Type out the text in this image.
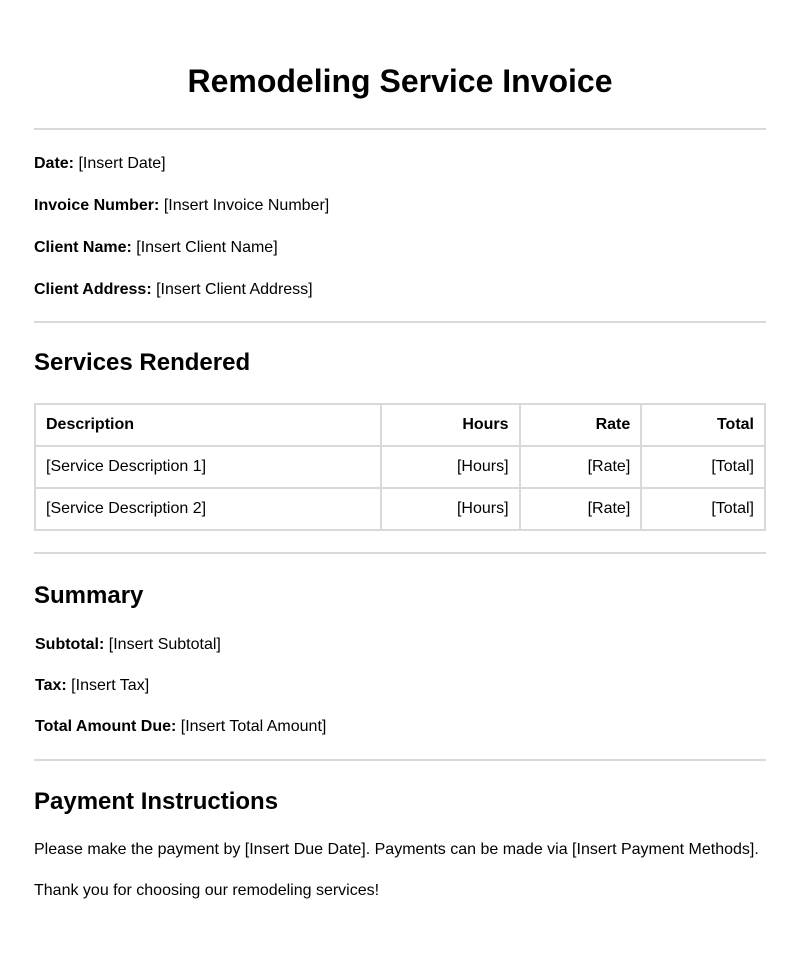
Remodeling Service Invoice

Date: [Insert Date]

Invoice Number: [Insert Invoice Number]

Client Name: [Insert Client Name]

Client Address: [Insert Client Address]

Services Rendered
Description	Hours	Rate	Total
[Service Description 1]	[Hours]	[Rate]	[Total]
[Service Description 2]	[Hours]	[Rate]	[Total]
Summary

Subtotal: [Insert Subtotal]

Tax: [Insert Tax]

Total Amount Due: [Insert Total Amount]

Payment Instructions

Please make the payment by [Insert Due Date]. Payments can be made via [Insert Payment Methods].

Thank you for choosing our remodeling services!
